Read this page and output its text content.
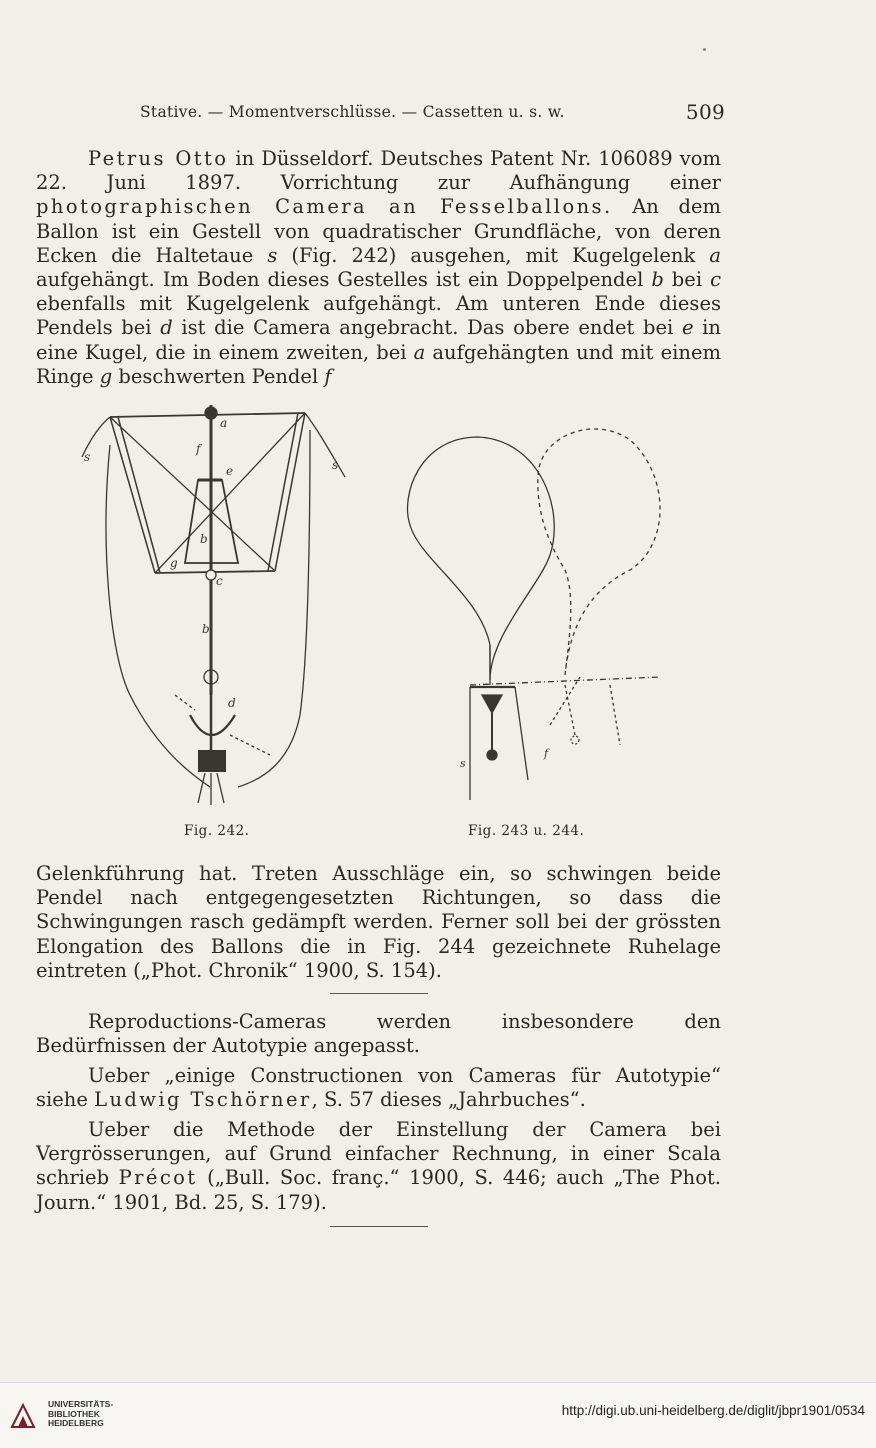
Stative. — Momentverschlüsse. — Cassetten u. s. w.	509

Petrus Otto in Düsseldorf. Deutsches Patent Nr. 106089 vom 22. Juni 1897. Vorrichtung zur Aufhängung einer photographischen Camera an Fesselballons. An dem Ballon ist ein Gestell von quadratischer Grundfläche, von deren Ecken die Haltetaue s (Fig. 242) ausgehen, mit Kugelgelenk a aufgehängt. Im Boden dieses Gestelles ist ein Doppelpendel b bei c ebenfalls mit Kugelgelenk aufgehängt. Am unteren Ende dieses Pendels bei d ist die Camera angebracht. Das obere endet bei e in eine Kugel, die in einem zweiten, bei a aufgehängten und mit einem Ringe g beschwerten Pendel f

a
f
e
b
g
c
b
d
s
s
s
f
Fig. 242.	Fig. 243 u. 244.

Gelenkführung hat. Treten Ausschläge ein, so schwingen beide Pendel nach entgegengesetzten Richtungen, so dass die Schwingungen rasch gedämpft werden. Ferner soll bei der grössten Elongation des Ballons die in Fig. 244 gezeichnete Ruhelage eintreten („Phot. Chronik“ 1900, S. 154).

Reproductions-Cameras werden insbesondere den Bedürfnissen der Autotypie angepasst.

Ueber „einige Constructionen von Cameras für Autotypie“ siehe Ludwig Tschörner, S. 57 dieses „Jahrbuches“.

Ueber die Methode der Einstellung der Camera bei Vergrösserungen, auf Grund einfacher Rechnung, in einer Scala schrieb Précot („Bull. Soc. franç.“ 1900, S. 446; auch „The Phot. Journ.“ 1901, Bd. 25, S. 179).

UNIVERSITÄTS-
BIBLIOTHEK
HEIDELBERG
http://digi.ub.uni-heidelberg.de/diglit/jbpr1901/0534
